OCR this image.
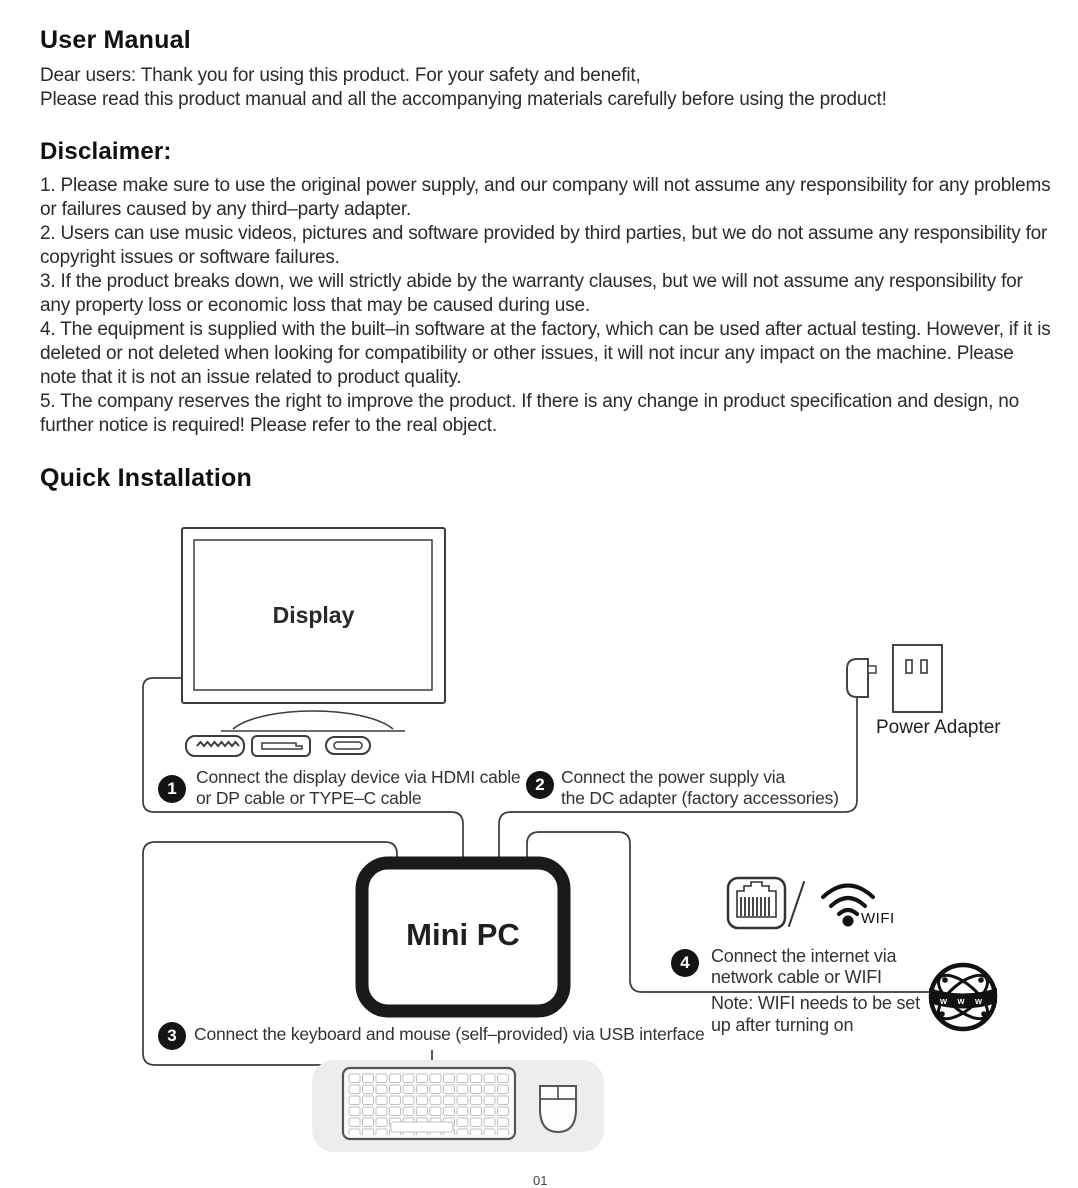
User Manual
Dear users: Thank you for using this product. For your safety and benefit,
Please read this product manual and all the accompanying materials carefully before using the product!
Disclaimer:

1. Please make sure to use the original power supply, and our company will not assume any responsibility for any problems or failures caused by any third–party adapter.

2. Users can use music videos, pictures and software provided by third parties, but we do not assume any responsibility for copyright issues or software failures.

3. If the product breaks down, we will strictly abide by the warranty clauses, but we will not assume any responsibility for any property loss or economic loss that may be caused during use.

4. The equipment is supplied with the built–in software at the factory, which can be used after actual testing. However, if it is deleted or not deleted when looking for compatibility or other issues, it will not incur any impact on the machine. Please note that it is not an issue related to product quality.

5. The company reserves the right to improve the product. If there is any change in product specification and design, no further notice is required! Please refer to the real object.

Quick Installation
w w w
Display
Mini PC
Power Adapter
WIFI
1
Connect the display device via HDMI cable
or DP cable or TYPE–C cable
2 Connect the power supply via
the DC adapter (factory accessories)
3 Connect the keyboard and mouse (self–provided) via USB interface
4	Connect the internet via
network cable or WIFI
Note: WIFI needs to be set
up after turning on
01
